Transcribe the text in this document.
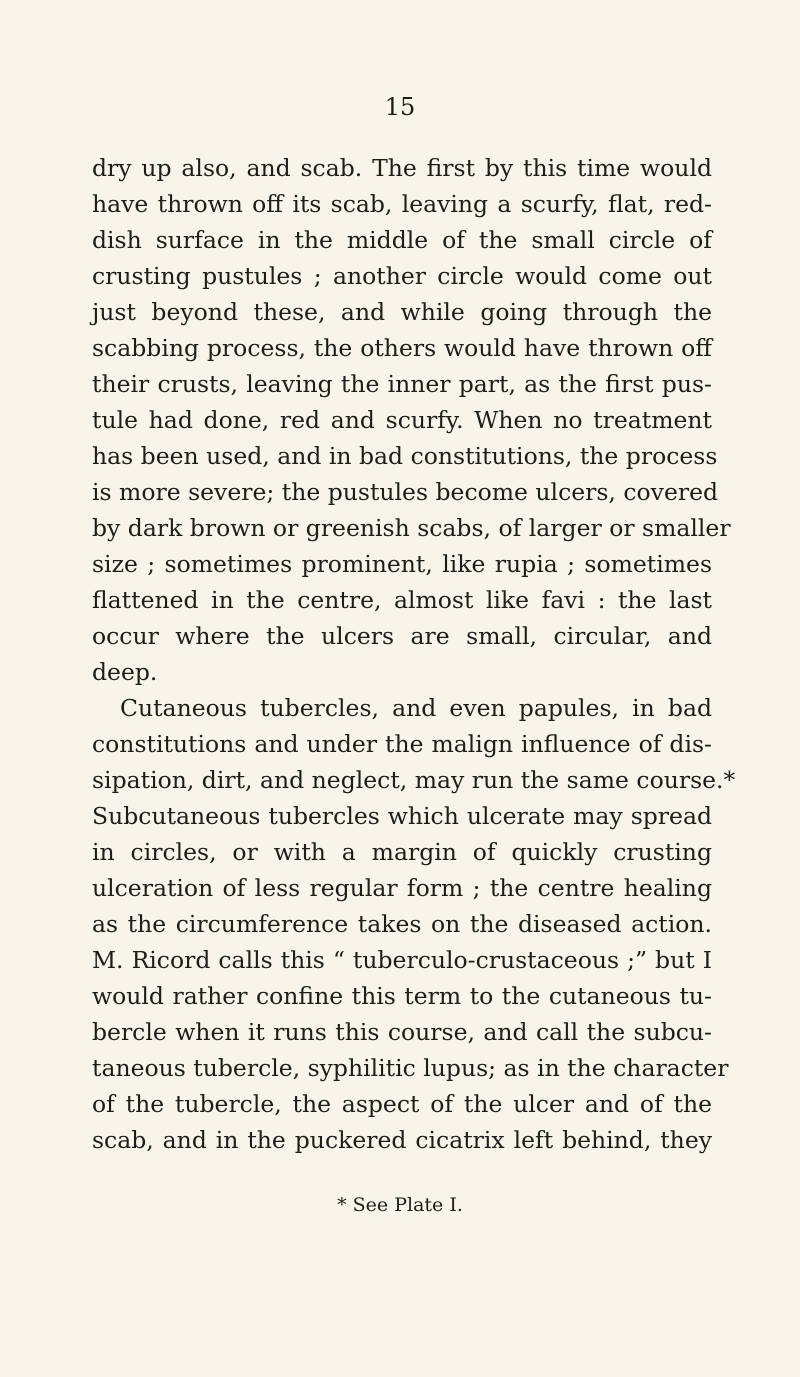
15
dry up also, and scab. The first by this time would
have thrown off its scab, leaving a scurfy, flat, red-
dish surface in the middle of the small circle of
crusting pustules ; another circle would come out
just beyond these, and while going through the
scabbing process, the others would have thrown off
their crusts, leaving the inner part, as the first pus-
tule had done, red and scurfy. When no treatment
has been used, and in bad constitutions, the process
is more severe; the pustules become ulcers, covered
by dark brown or greenish scabs, of larger or smaller
size ; sometimes prominent, like rupia ; sometimes
flattened in the centre, almost like favi : the last
occur where the ulcers are small, circular, and
deep.
Cutaneous tubercles, and even papules, in bad
constitutions and under the malign influence of dis-
sipation, dirt, and neglect, may run the same course.*
Subcutaneous tubercles which ulcerate may spread
in circles, or with a margin of quickly crusting
ulceration of less regular form ; the centre healing
as the circumference takes on the diseased action.
M. Ricord calls this “ tuberculo-crustaceous ;” but I
would rather confine this term to the cutaneous tu-
bercle when it runs this course, and call the subcu-
taneous tubercle, syphilitic lupus; as in the character
of the tubercle, the aspect of the ulcer and of the
scab, and in the puckered cicatrix left behind, they
* See Plate I.
